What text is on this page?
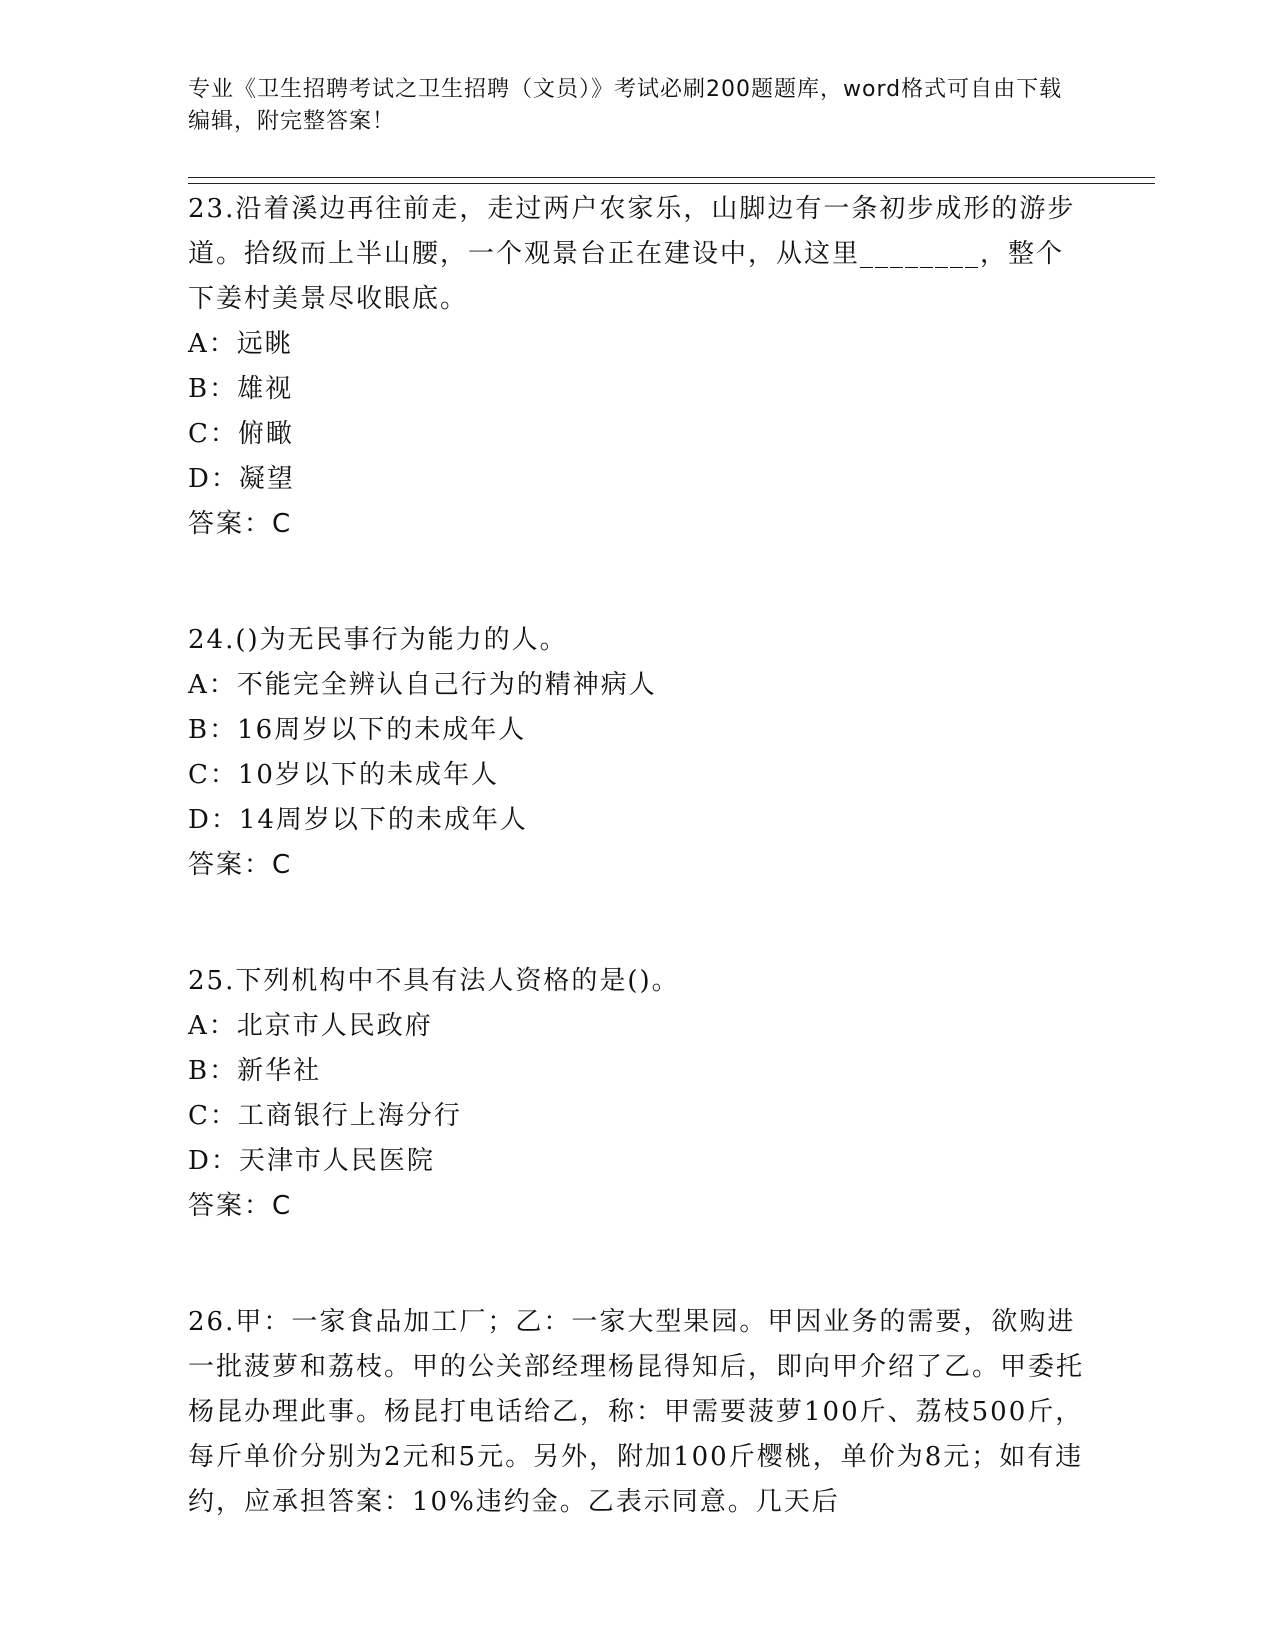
专业《卫生招聘考试之卫生招聘（文员）》考试必刷200题题库，word格式可自由下载编辑，附完整答案！

23.沿着溪边再往前走，走过两户农家乐，山脚边有一条初步成形的游步道。拾级而上半山腰，一个观景台正在建设中，从这里________，整个下姜村美景尽收眼底。

A：远眺

B：雄视

C：俯瞰

D：凝望

答案：C

24.()为无民事行为能力的人。

A：不能完全辨认自己行为的精神病人

B：16周岁以下的未成年人

C：10岁以下的未成年人

D：14周岁以下的未成年人

答案：C

25.下列机构中不具有法人资格的是()。

A：北京市人民政府

B：新华社

C：工商银行上海分行

D：天津市人民医院

答案：C

26.甲：一家食品加工厂；乙：一家大型果园。甲因业务的需要，欲购进一批菠萝和荔枝。甲的公关部经理杨昆得知后，即向甲介绍了乙。甲委托杨昆办理此事。杨昆打电话给乙，称：甲需要菠萝100斤、荔枝500斤，每斤单价分别为2元和5元。另外，附加100斤樱桃，单价为8元；如有违约，应承担答案：10%违约金。乙表示同意。几天后
